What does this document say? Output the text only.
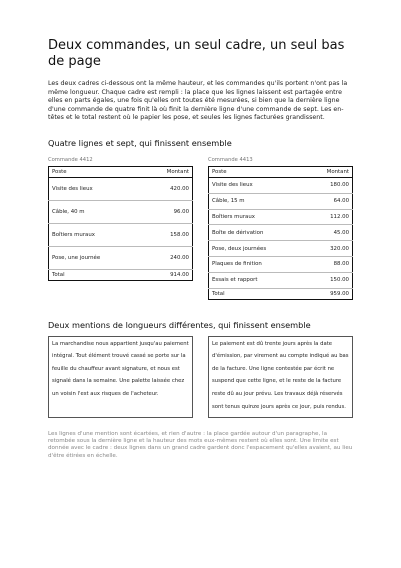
Deux commandes, un seul cadre, un seul bas de page

Les deux cadres ci-dessous ont la même hauteur, et les commandes qu'ils portent n'ont pas la même longueur. Chaque cadre est rempli : la place que les lignes laissent est partagée entre elles en parts égales, une fois qu'elles ont toutes été mesurées, si bien que la dernière ligne d'une commande de quatre finit là où finit la dernière ligne d'une commande de sept. Les en-têtes et le total restent où le papier les pose, et seules les lignes facturées grandissent.

Quatre lignes et sept, qui finissent ensemble
Commande 4412
Poste	Montant
Visite des lieux	420.00
Câble, 40 m	96.00
Boîtiers muraux	158.00
Pose, une journée	240.00
Total	914.00
Commande 4413
Poste	Montant
Visite des lieux	180.00
Câble, 15 m	64.00
Boîtiers muraux	112.00
Boîte de dérivation	45.00
Pose, deux journées	320.00
Plaques de finition	88.00
Essais et rapport	150.00
Total	959.00
Deux mentions de longueurs différentes, qui finissent ensemble
La marchandise nous appartient jusqu'au paiement intégral. Tout élément trouvé cassé se porte sur la feuille du chauffeur avant signature, et nous est signalé dans la semaine. Une palette laissée chez un voisin l'est aux risques de l'acheteur.
Le paiement est dû trente jours après la date d'émission, par virement au compte indiqué au bas de la facture. Une ligne contestée par écrit ne suspend que cette ligne, et le reste de la facture reste dû au jour prévu. Les travaux déjà réservés sont tenus quinze jours après ce jour, puis rendus.

Les lignes d'une mention sont écartées, et rien d'autre : la place gardée autour d'un paragraphe, la retombée sous la dernière ligne et la hauteur des mots eux-mêmes restent où elles sont. Une limite est donnée avec le cadre : deux lignes dans un grand cadre gardent donc l'espacement qu'elles avaient, au lieu d'être étirées en échelle.
